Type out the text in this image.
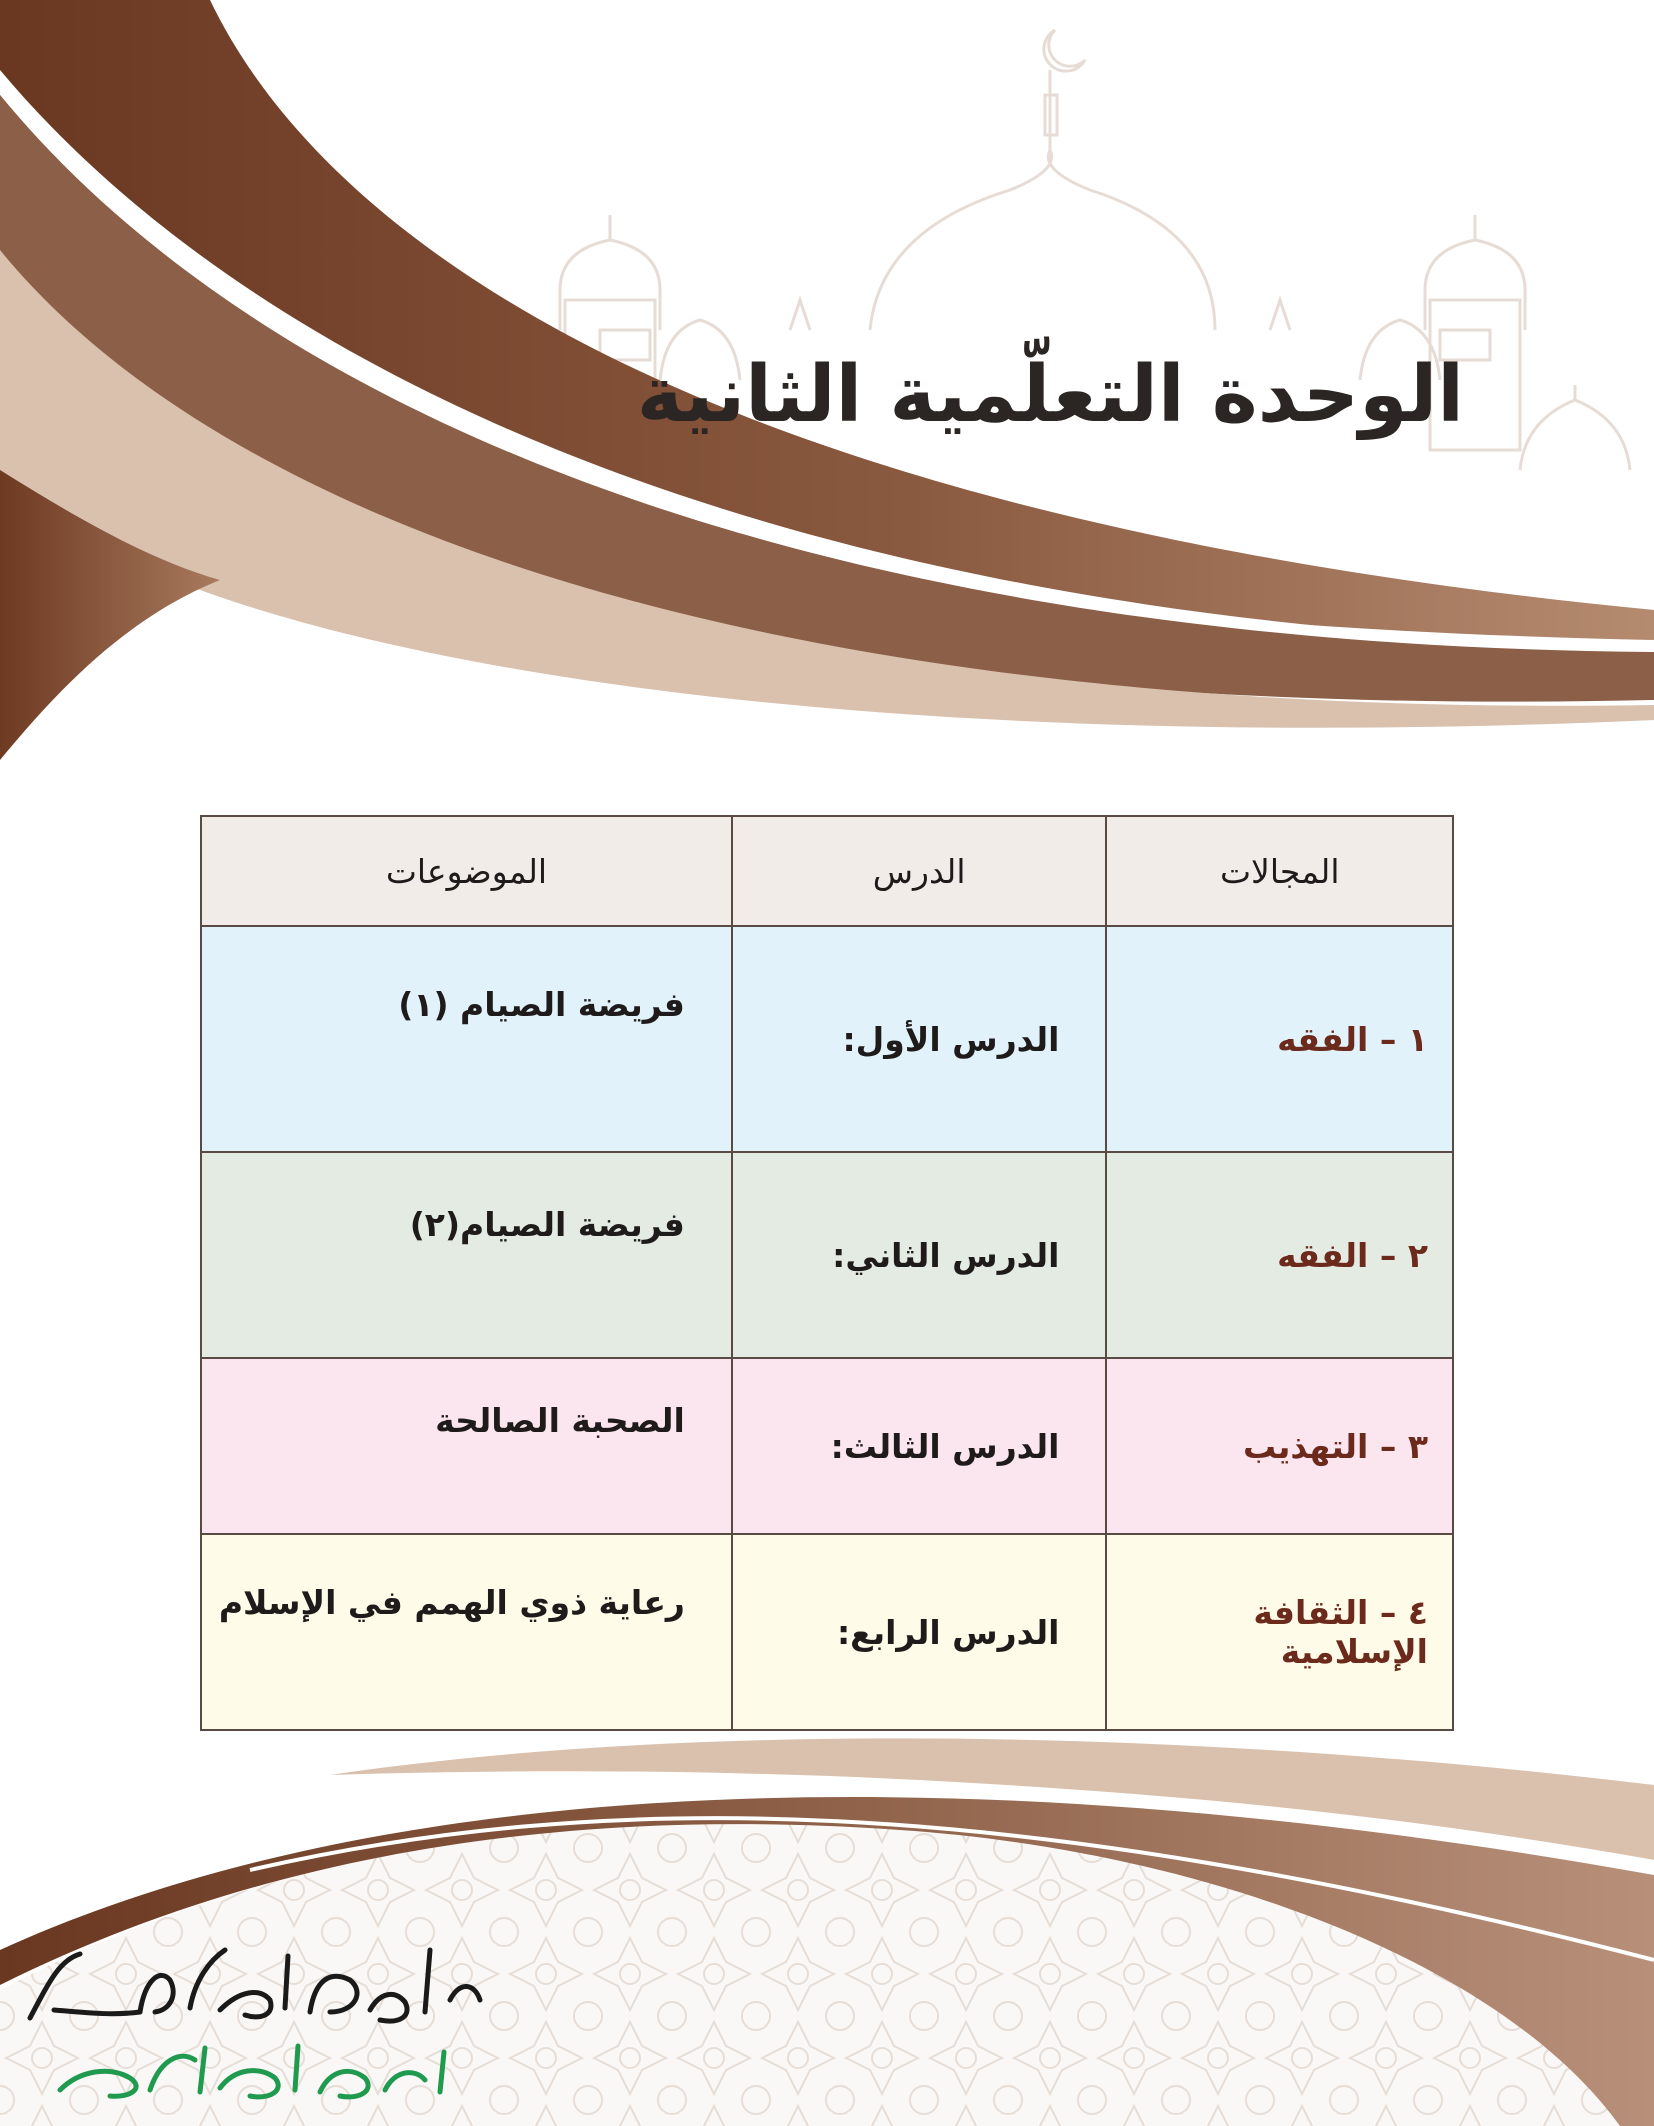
الوحدة التعلّمية الثانية
المجالات	الدرس	الموضوعات
١ – الفقه	الدرس الأول:	فريضة الصيام (١)
٢ – الفقه	الدرس الثاني:	فريضة الصيام(٢)
٣ – التهذيب	الدرس الثالث:	الصحبة الصالحة
٤ – الثقافة الإسلامية	الدرس الرابع:	رعاية ذوي الهمم في الإسلام
